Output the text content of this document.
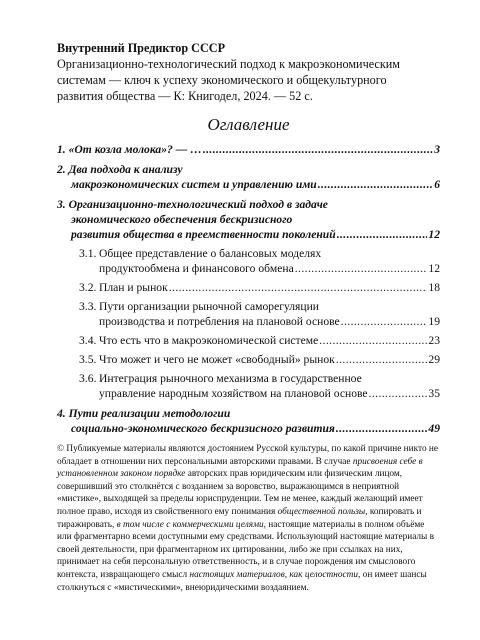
Внутренний Предиктор СССР
Организационно-технологический подход к макроэкономическим
системам — ключ к успеху экономического и общекультурного
развития общества — К: Книгодел, 2024. — 52 с.
Оглавление
1. «От козла молока»? — … .....	3
2. Два подхода к анализу
макроэкономических систем и управлению ими .....	6
3. Организационно-технологический подход в задаче
экономического обеспечения бескризисного
развития общества в преемственности поколений .....	12
3.1. Общее представление о балансовых моделях
продуктообмена и финансового обмена .....	12
3.2. План и рынок .....	18
3.3. Пути организации рыночной саморегуляции
производства и потребления на плановой основе .....	19
3.4. Что есть что в макроэкономической системе .....	23
3.5. Что может и чего не может «свободный» рынок .....	29
3.6. Интеграция рыночного механизма в государственное
управление народным хозяйством на плановой основе .....	35
4. Пути реализации методологии
социально-экономического бескризисного развития .....	49
© Публикуемые материалы являются достоянием Русской культуры, по какой причине никто не обладает в отношении них персональными авторскими правами. В случае присвоения себе в установленном законом порядке авторских прав юридическим или физическим лицом, совершивший это столкнётся с возданием за воровство, выражающимся в неприятной «мистике», выходящей за пределы юриспруденции. Тем не менее, каждый желающий имеет полное право, исходя из свойственного ему понимания общественной пользы, копировать и тиражировать, в том числе с коммерческими целями, настоящие материалы в полном объёме или фрагментарно всеми доступными ему средствами. Использующий настоящие материалы в своей деятельности, при фрагментарном их цитировании, либо же при ссылках на них, принимает на себя персональную ответственность, и в случае порождения им смыслового контекста, извращающего смысл настоящих материалов, как целостности, он имеет шансы столкнуться с «мистическими», внеюридическими воздаянием.
